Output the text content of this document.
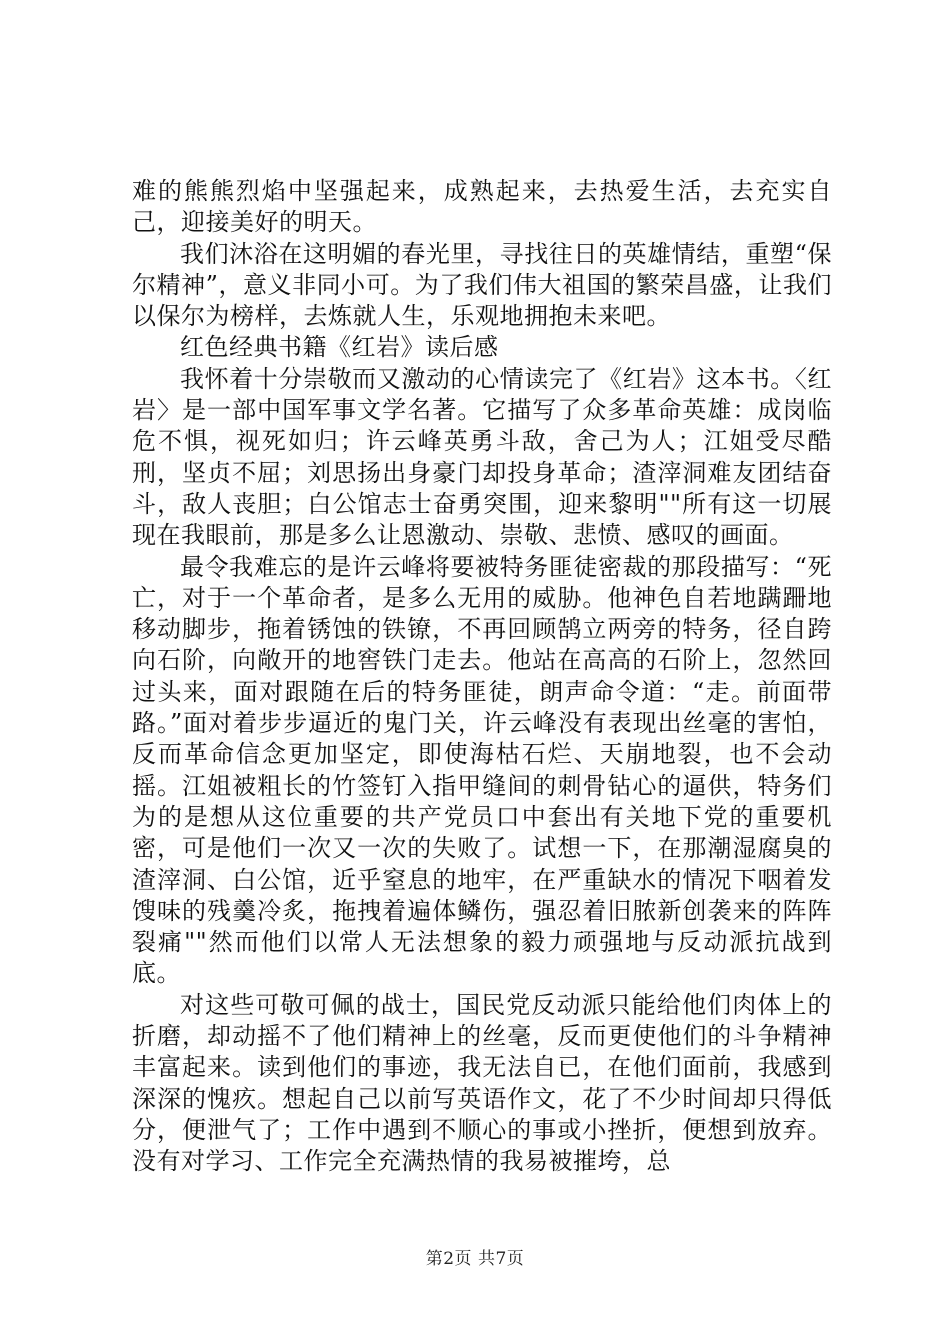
难的熊熊烈焰中坚强起来，成熟起来，去热爱生活，去充实自己，迎接美好的明天。

我们沐浴在这明媚的春光里，寻找往日的英雄情结，重塑“保尔精神”，意义非同小可。为了我们伟大祖国的繁荣昌盛，让我们以保尔为榜样，去炼就人生，乐观地拥抱未来吧。

红色经典书籍《红岩》读后感

我怀着十分崇敬而又激动的心情读完了《红岩》这本书。〈红岩〉是一部中国军事文学名著。它描写了众多革命英雄：成岗临危不惧，视死如归；许云峰英勇斗敌，舍己为人；江姐受尽酷刑，坚贞不屈；刘思扬出身豪门却投身革命；渣滓洞难友团结奋斗，敌人丧胆；白公馆志士奋勇突围，迎来黎明""所有这一切展现在我眼前，那是多么让恩激动、崇敬、悲愤、感叹的画面。

最令我难忘的是许云峰将要被特务匪徒密裁的那段描写：“死亡，对于一个革命者，是多么无用的威胁。他神色自若地蹒跚地移动脚步，拖着锈蚀的铁镣，不再回顾鹄立两旁的特务，径自跨向石阶，向敞开的地窖铁门走去。他站在高高的石阶上，忽然回过头来，面对跟随在后的特务匪徒，朗声命令道：“走。前面带路。”面对着步步逼近的鬼门关，许云峰没有表现出丝毫的害怕，反而革命信念更加坚定，即使海枯石烂、天崩地裂，也不会动摇。江姐被粗长的竹签钉入指甲缝间的刺骨钻心的逼供，特务们为的是想从这位重要的共产党员口中套出有关地下党的重要机密，可是他们一次又一次的失败了。试想一下，在那潮湿腐臭的渣滓洞、白公馆，近乎窒息的地牢，在严重缺水的情况下咽着发馊味的残羹冷炙，拖拽着遍体鳞伤，强忍着旧脓新创袭来的阵阵裂痛""然而他们以常人无法想象的毅力顽强地与反动派抗战到底。

对这些可敬可佩的战士，国民党反动派只能给他们肉体上的折磨，却动摇不了他们精神上的丝毫，反而更使他们的斗争精神丰富起来。读到他们的事迹，我无法自已，在他们面前，我感到深深的愧疚。想起自己以前写英语作文，花了不少时间却只得低分，便泄气了；工作中遇到不顺心的事或小挫折，便想到放弃。没有对学习、工作完全充满热情的我易被摧垮，总

第2页 共7页
